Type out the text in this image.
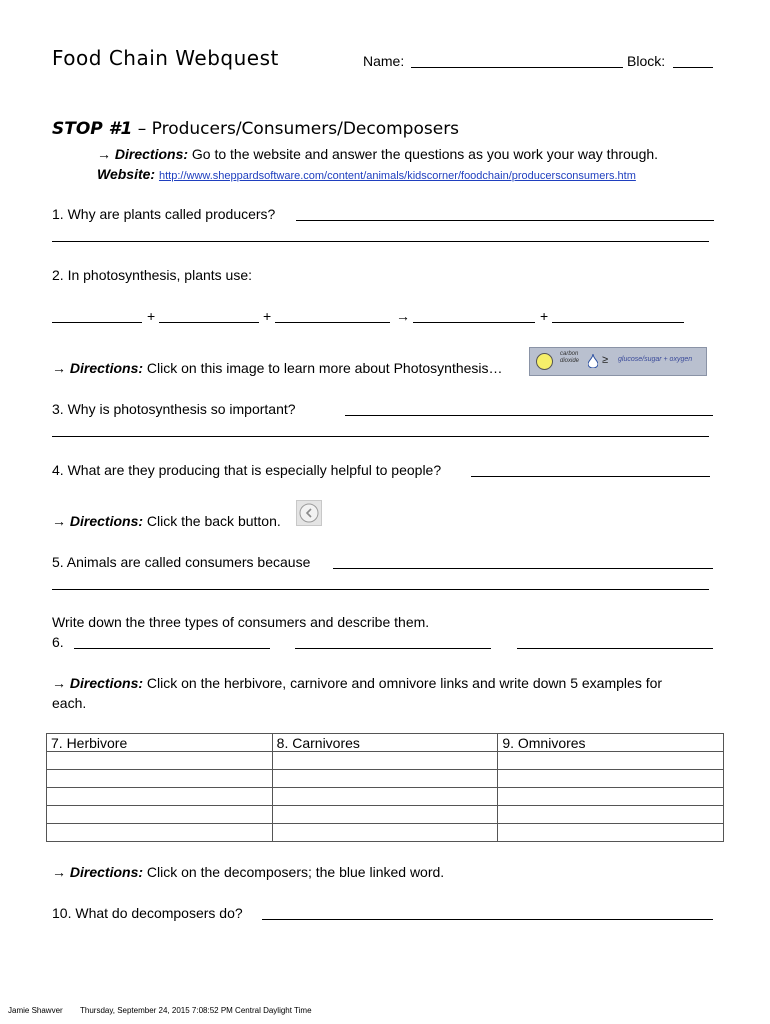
Food Chain Webquest	Name:	Block:
STOP #1 – Producers/Consumers/Decomposers
→ Directions: Go to the website and answer the questions as you work your way through.
Website: http://www.sheppardsoftware.com/content/animals/kidscorner/foodchain/producersconsumers.htm
1. Why are plants called producers?
2. In photosynthesis, plants use:
+	+	→	+
→ Directions: Click on this image to learn more about Photosynthesis…
carbon
dioxide ≥ glucose/sugar + oxygen
3. Why is photosynthesis so important?
4. What are they producing that is especially helpful to people?
→ Directions: Click the back button.
5. Animals are called consumers because
Write down the three types of consumers and describe them.
6.
→ Directions: Click on the herbivore, carnivore and omnivore links and write down 5 examples for
each.
7. Herbivore	8. Carnivores	9. Omnivores

→ Directions: Click on the decomposers; the blue linked word.
10. What do decomposers do?
Jamie Shawver Thursday, September 24, 2015 7:08:52 PM Central Daylight Time
